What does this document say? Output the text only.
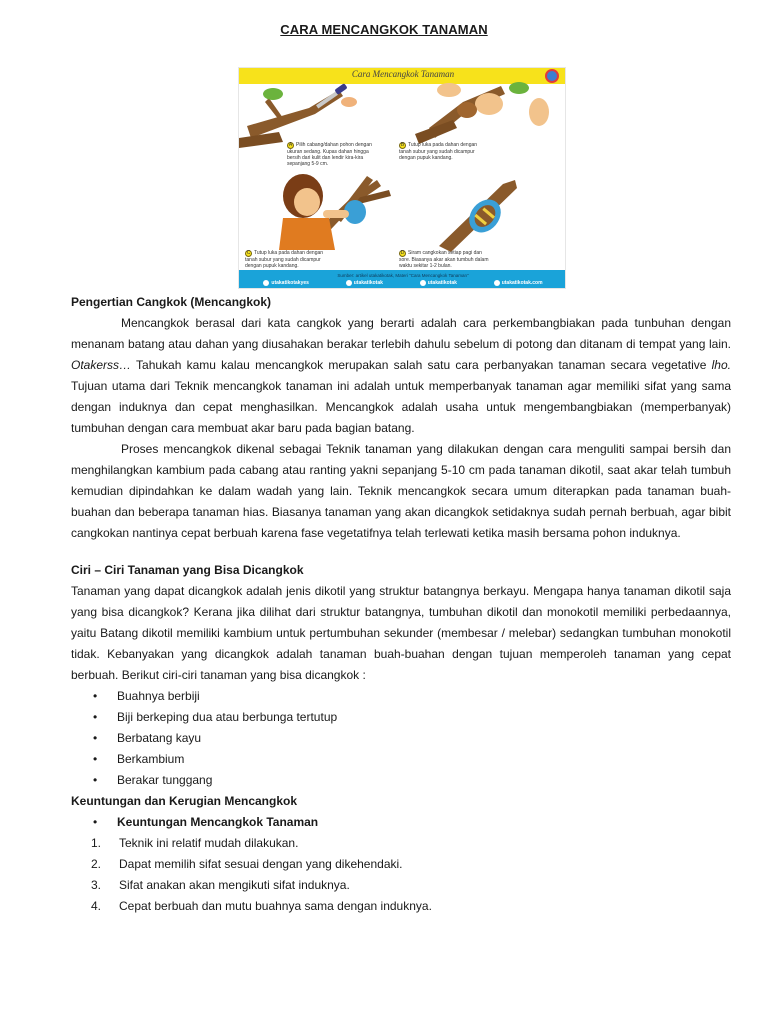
CARA MENCANGKOK TANAMAN
Cara Mencangkok Tanaman
A Pilih cabang/dahan pohon dengan ukuran sedang. Kupas dahan hingga bersih dari kulit dan lendir kira-kira sepanjang 5-9 cm.
B Tutup luka pada dahan dengan tanah subur yang sudah dicampur dengan pupuk kandang.
C Tutup luka pada dahan dengan tanah subur yang sudah dicampur dengan pupuk kandang.
D Siram cangkokan setiap pagi dan sore. Biasanya akar akan tumbuh dalam waktu sekitar 1-2 bulan.
Sumber: artikel utakatikotak, Materi "Cara Mencangkok Tanaman"
utakatikotakyes	utakatikotak	utakatikotak	utakatikotak.com
Pengertian Cangkok (Mencangkok)

Mencangkok berasal dari kata cangkok yang berarti adalah cara perkembangbiakan pada tunbuhan dengan menanam batang atau dahan yang diusahakan berakar terlebih dahulu sebelum di potong dan ditanam di tempat yang lain. Otakerss… Tahukah kamu kalau mencangkok merupakan salah satu cara perbanyakan tanaman secara vegetative lho. Tujuan utama dari Teknik mencangkok tanaman ini adalah untuk memperbanyak tanaman agar memiliki sifat yang sama dengan induknya dan cepat menghasilkan. Mencangkok adalah usaha untuk mengembangbiakan (memperbanyak) tumbuhan dengan cara membuat akar baru pada bagian batang.

Proses mencangkok dikenal sebagai Teknik tanaman yang dilakukan dengan cara menguliti sampai bersih dan menghilangkan kambium pada cabang atau ranting yakni sepanjang 5-10 cm pada tanaman dikotil, saat akar telah tumbuh kemudian dipindahkan ke dalam wadah yang lain. Teknik mencangkok secara umum diterapkan pada tanaman buah-buahan dan beberapa tanaman hias. Biasanya tanaman yang akan dicangkok setidaknya sudah pernah berbuah, agar bibit cangkokan nantinya cepat berbuah karena fase vegetatifnya telah terlewati ketika masih bersama pohon induknya.

Ciri – Ciri Tanaman yang Bisa Dicangkok

Tanaman yang dapat dicangkok adalah jenis dikotil yang struktur batangnya berkayu. Mengapa hanya tanaman dikotil saja yang bisa dicangkok? Kerana jika dilihat dari struktur batangnya, tumbuhan dikotil dan monokotil memiliki perbedaannya, yaitu Batang dikotil memiliki kambium untuk pertumbuhan sekunder (membesar / melebar) sedangkan tumbuhan monokotil tidak. Kebanyakan yang dicangkok adalah tanaman buah-buahan dengan tujuan memperoleh tanaman yang cepat berbuah. Berikut ciri-ciri tanaman yang bisa dicangkok :

• Buahnya berbiji
• Biji berkeping dua atau berbunga tertutup
• Berbatang kayu
• Berkambium
• Berakar tunggang
Keuntungan dan Kerugian Mencangkok
• Keuntungan Mencangkok Tanaman
1. Teknik ini relatif mudah dilakukan.
2. Dapat memilih sifat sesuai dengan yang dikehendaki.
3. Sifat anakan akan mengikuti sifat induknya.
4. Cepat berbuah dan mutu buahnya sama dengan induknya.
